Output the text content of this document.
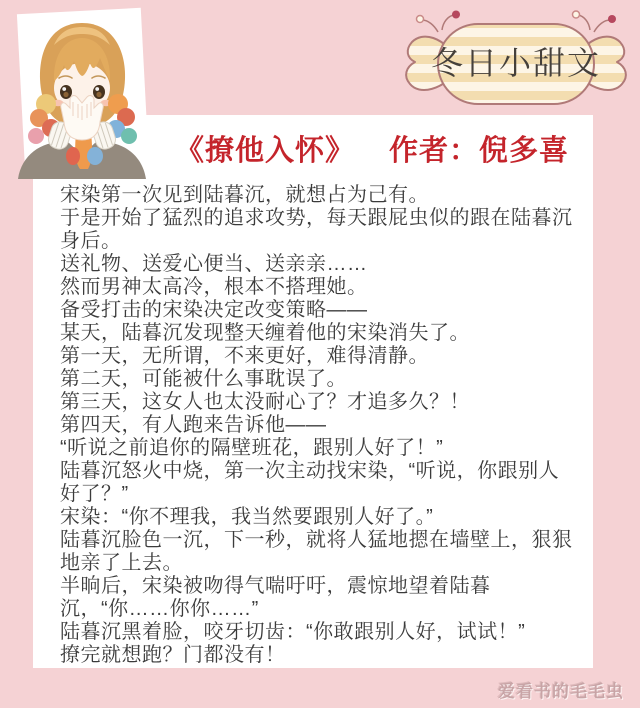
《撩他入怀》 作者：倪多喜
宋染第一次见到陆暮沉，就想占为己有。
于是开始了猛烈的追求攻势，每天跟屁虫似的跟在陆暮沉
身后。
送礼物、送爱心便当、送亲亲……
然而男神太高冷，根本不搭理她。
备受打击的宋染决定改变策略——
某天，陆暮沉发现整天缠着他的宋染消失了。
第一天，无所谓，不来更好，难得清静。
第二天，可能被什么事耽误了。
第三天，这女人也太没耐心了？才追多久？！
第四天，有人跑来告诉他——
“听说之前追你的隔壁班花，跟别人好了！”
陆暮沉怒火中烧，第一次主动找宋染，“听说，你跟别人
好了？”
宋染：“你不理我，我当然要跟别人好了。”
陆暮沉脸色一沉，下一秒，就将人猛地摁在墙壁上，狠狠
地亲了上去。
半晌后，宋染被吻得气喘吁吁，震惊地望着陆暮
沉，“你……你你……”
陆暮沉黑着脸，咬牙切齿：“你敢跟别人好，试试！”
撩完就想跑？门都没有！
冬日小甜文
爱看书的毛毛虫
